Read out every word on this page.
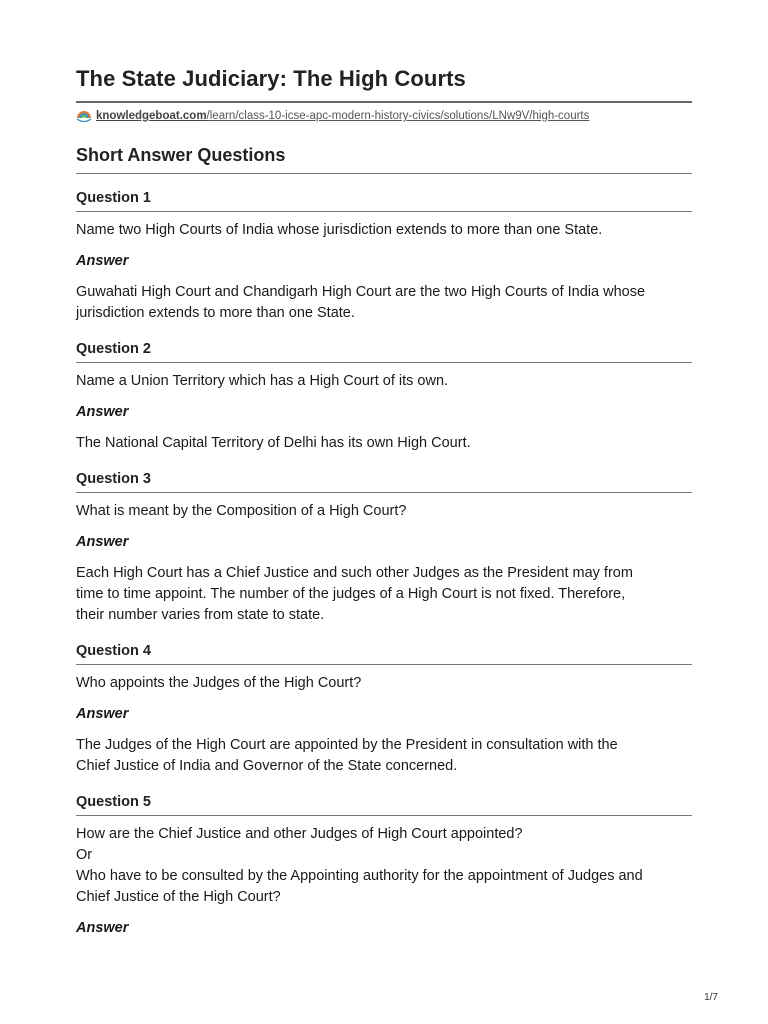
The State Judiciary: The High Courts
knowledgeboat.com/learn/class-10-icse-apc-modern-history-civics/solutions/LNw9V/high-courts
Short Answer Questions
Question 1
Name two High Courts of India whose jurisdiction extends to more than one State.
Answer
Guwahati High Court and Chandigarh High Court are the two High Courts of India whose
jurisdiction extends to more than one State.
Question 2
Name a Union Territory which has a High Court of its own.
Answer
The National Capital Territory of Delhi has its own High Court.
Question 3
What is meant by the Composition of a High Court?
Answer
Each High Court has a Chief Justice and such other Judges as the President may from
time to time appoint. The number of the judges of a High Court is not fixed. Therefore,
their number varies from state to state.
Question 4
Who appoints the Judges of the High Court?
Answer
The Judges of the High Court are appointed by the President in consultation with the
Chief Justice of India and Governor of the State concerned.
Question 5
How are the Chief Justice and other Judges of High Court appointed?
Or
Who have to be consulted by the Appointing authority for the appointment of Judges and
Chief Justice of the High Court?
Answer
1/7
